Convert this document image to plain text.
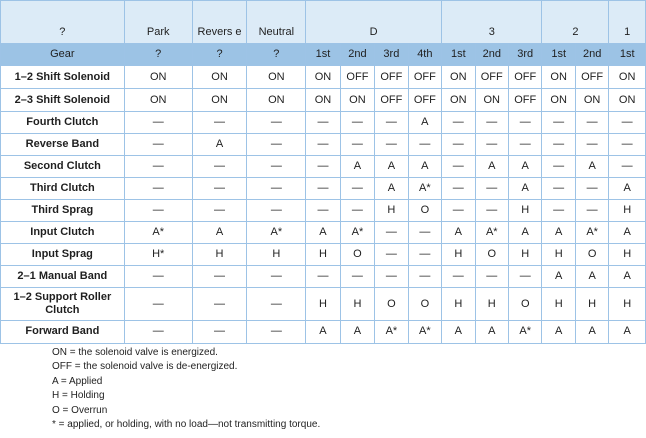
?	Park	Revers e	Neutral	D				3			2		1
Gear	?	?	?	1st	2nd	3rd	4th	1st	2nd	3rd	1st	2nd	1st
1–2 Shift Solenoid	ON	ON	ON	ON	OFF	OFF	OFF	ON	OFF	OFF	ON	OFF	ON
2–3 Shift Solenoid	ON	ON	ON	ON	ON	OFF	OFF	ON	ON	OFF	ON	ON	ON
Fourth Clutch	—	—	—	—	—	—	A	—	—	—	—	—	—
Reverse Band	—	A	—	—	—	—	—	—	—	—	—	—	—
Second Clutch	—	—	—	—	A	A	A	—	A	A	—	A	—
Third Clutch	—	—	—	—	—	A	A*	—	—	A	—	—	A
Third Sprag	—	—	—	—	—	H	O	—	—	H	—	—	H
Input Clutch	A*	A	A*	A	A*	—	—	A	A*	A	A	A*	A
Input Sprag	H*	H	H	H	O	—	—	H	O	H	H	O	H
2–1 Manual Band	—	—	—	—	—	—	—	—	—	—	A	A	A
1–2 Support Roller Clutch	—	—	—	H	H	O	O	H	H	O	H	H	H
Forward Band	—	—	—	A	A	A*	A*	A	A	A*	A	A	A
ON = the solenoid valve is energized.
OFF = the solenoid valve is de-energized.
A = Applied
H = Holding
O = Overrun
* = applied, or holding, with no load—not transmitting torque.
